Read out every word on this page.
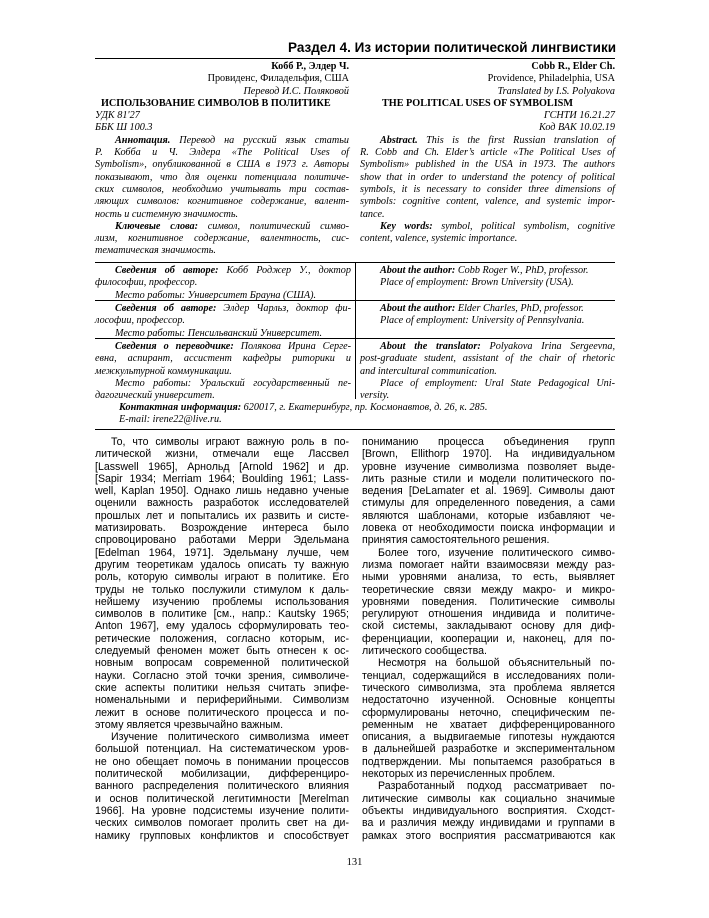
Раздел 4. Из истории политической лингвистики
Кобб Р., Элдер Ч.
Провиденс, Филадельфия, США
Перевод И.С. Поляковой
ИСПОЛЬЗОВАНИЕ СИМВОЛОВ В ПОЛИТИКЕ
УДК 81'27
ББК Ш 100.3
Аннотация. Перевод на русский язык статьи
Р. Кобба и Ч. Элдера «The Political Uses of
Symbolism», опубликованной в США в 1973 г. Авторы
показывают, что для оценки потенциала политиче-
ских символов, необходимо учитывать три состав-
ляющих символов: когнитивное содержание, валент-
ность и системную значимость.
Ключевые слова: символ, политический симво-
лизм, когнитивное содержание, валентность, сис-
тематическая значимость.
Cobb R., Elder Ch.
Providence, Philadelphia, USA
Translated by I.S. Polyakova
THE POLITICAL USES OF SYMBOLISM
ГСНТИ 16.21.27
Код ВАК 10.02.19
Abstract. This is the first Russian translation of
R. Cobb and Ch. Elder’s article «The Political Uses of
Symbolism» published in the USA in 1973. The authors
show that in order to understand the potency of political
symbols, it is necessary to consider three dimensions of
symbols: cognitive content, valence, and systemic impor-
tance.
Key words: symbol, political symbolism, cognitive
content, valence, systemic importance.
Сведения об авторе: Кобб Роджер У., доктор
философии, профессор.
Место работы: Университет Брауна (США).
About the author: Cobb Roger W., PhD, professor.
Place of employment: Brown University (USA).
Сведения об авторе: Элдер Чарльз, доктор фи-
лософии, профессор.
Место работы: Пенсильванский Университет.
About the author: Elder Charles, PhD, professor.
Place of employment: University of Pennsylvania.
Сведения о переводчике: Полякова Ирина Серге-
евна, аспирант, ассистент кафедры риторики и
межкультурной коммуникации.
Место работы: Уральский государственный пе-
дагогический университет.
About the translator: Polyakova Irina Sergeevna,
post-graduate student, assistant of the chair of rhetoric
and intercultural communication.
Place of employment: Ural State Pedagogical Uni-
versity.
Контактная информация: 620017, г. Екатеринбург, пр. Космонавтов, д. 26, к. 285.
E-mail: irene22@live.ru.
То, что символы играют важную роль в по-
литической жизни, отмечали еще Ласcвел
[Lasswell 1965], Арнольд [Arnold 1962] и др.
[Sapir 1934; Merriam 1964; Boulding 1961; Lass-
well, Kaplan 1950]. Однако лишь недавно ученые
оценили важность разработок исследователей
прошлых лет и попытались их развить и систе-
матизировать. Возрождение интереса было
спровоцировано работами Мерри Эдельмана
[Edelman 1964, 1971]. Эдельману лучше, чем
другим теоретикам удалось описать ту важную
роль, которую символы играют в политике. Его
труды не только послужили стимулом к даль-
нейшему изучению проблемы использования
символов в политике [см., напр.: Kautsky 1965;
Anton 1967], ему удалось сформулировать тео-
ретические положения, согласно которым, ис-
следуемый феномен может быть отнесен к ос-
новным вопросам современной политической
науки. Согласно этой точки зрения, символиче-
ские аспекты политики нельзя считать эпифе-
номенальными и периферийными. Символизм
лежит в основе политического процесса и по-
этому является чрезвычайно важным.
Изучение политического символизма имеет
большой потенциал. На систематическом уров-
не оно обещает помочь в понимании процессов
политической мобилизации, дифференциро-
ванного распределения политического влияния
и основ политической легитимности [Merelman
1966]. На уровне подсистемы изучение полити-
ческих символов помогает пролить свет на ди-
намику групповых конфликтов и способствует
пониманию процесса объединения групп
[Brown, Ellithorp 1970]. На индивидуальном
уровне изучение символизма позволяет выде-
лить разные стили и модели политического по-
ведения [DeLamater et al. 1969]. Символы дают
стимулы для определенного поведения, а сами
являются шаблонами, которые избавляют че-
ловека от необходимости поиска информации и
принятия самостоятельного решения.
Более того, изучение политического симво-
лизма помогает найти взаимосвязи между раз-
ными уровнями анализа, то есть, выявляет
теоретические связи между макро- и микро-
уровнями поведения. Политические символы
регулируют отношения индивида и политиче-
ской системы, закладывают основу для диф-
ференциации, кооперации и, наконец, для по-
литического сообщества.
Несмотря на большой объяснительный по-
тенциал, содержащийся в исследованиях поли-
тического символизма, эта проблема является
недостаточно изученной. Основные концепты
сформулированы неточно, специфическим пе-
ременным не хватает дифференцированного
описания, а выдвигаемые гипотезы нуждаются
в дальнейшей разработке и экспериментальном
подтверждении. Мы попытаемся разобраться в
некоторых из перечисленных проблем.
Разработанный подход рассматривает по-
литические символы как социально значимые
объекты индивидуального восприятия. Сходст-
ва и различия между индивидами и группами в
рамках этого восприятия рассматриваются как
131
